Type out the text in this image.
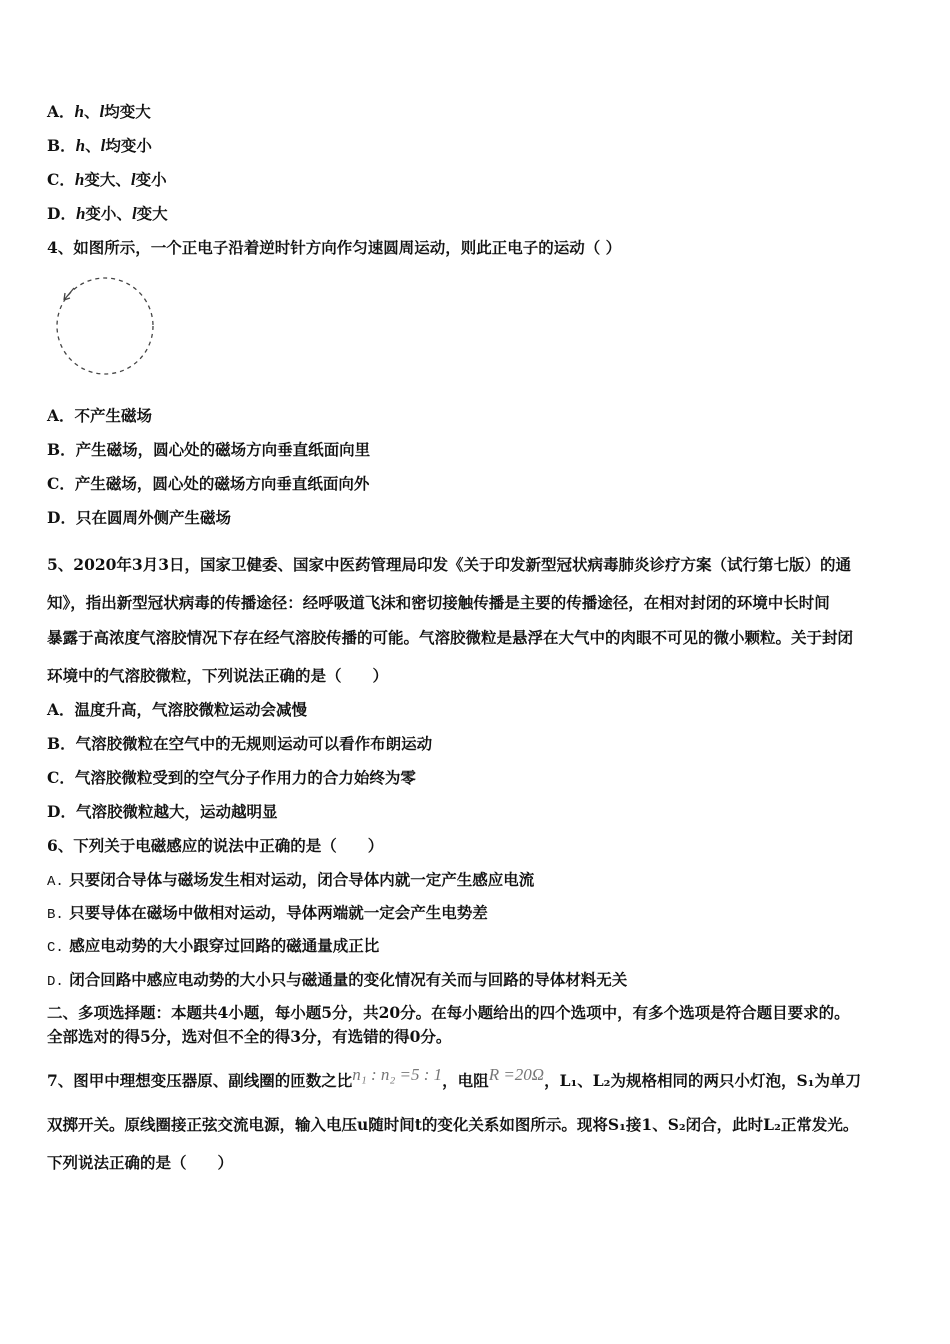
A．h、l均变大
B．h、l均变小
C．h变大、l变小
D．h变小、l变大
4、如图所示，一个正电子沿着逆时针方向作匀速圆周运动，则此正电子的运动（ ）
A．不产生磁场
B．产生磁场，圆心处的磁场方向垂直纸面向里
C．产生磁场，圆心处的磁场方向垂直纸面向外
D．只在圆周外侧产生磁场
5、2020年3月3日，国家卫健委、国家中医药管理局印发《关于印发新型冠状病毒肺炎诊疗方案（试行第七版）的通
知》，指出新型冠状病毒的传播途径：经呼吸道飞沫和密切接触传播是主要的传播途径，在相对封闭的环境中长时间
暴露于高浓度气溶胶情况下存在经气溶胶传播的可能。气溶胶微粒是悬浮在大气中的肉眼不可见的微小颗粒。关于封闭
环境中的气溶胶微粒，下列说法正确的是（　　）
A．温度升高，气溶胶微粒运动会减慢
B．气溶胶微粒在空气中的无规则运动可以看作布朗运动
C．气溶胶微粒受到的空气分子作用力的合力始终为零
D．气溶胶微粒越大，运动越明显
6、下列关于电磁感应的说法中正确的是（　　）
A. 只要闭合导体与磁场发生相对运动，闭合导体内就一定产生感应电流
B. 只要导体在磁场中做相对运动，导体两端就一定会产生电势差
C. 感应电动势的大小跟穿过回路的磁通量成正比
D. 闭合回路中感应电动势的大小只与磁通量的变化情况有关而与回路的导体材料无关
二、多项选择题：本题共4小题，每小题5分，共20分。在每小题给出的四个选项中，有多个选项是符合题目要求的。
全部选对的得5分，选对但不全的得3分，有选错的得0分。
7、图甲中理想变压器原、副线圈的匝数之比n₁ : n₂ =5 : 1，电阻R =20Ω，L₁、L₂为规格相同的两只小灯泡，S₁为单刀
双掷开关。原线圈接正弦交流电源，输入电压u随时间t的变化关系如图所示。现将S₁接1、S₂闭合，此时L₂正常发光。
下列说法正确的是（　　）
